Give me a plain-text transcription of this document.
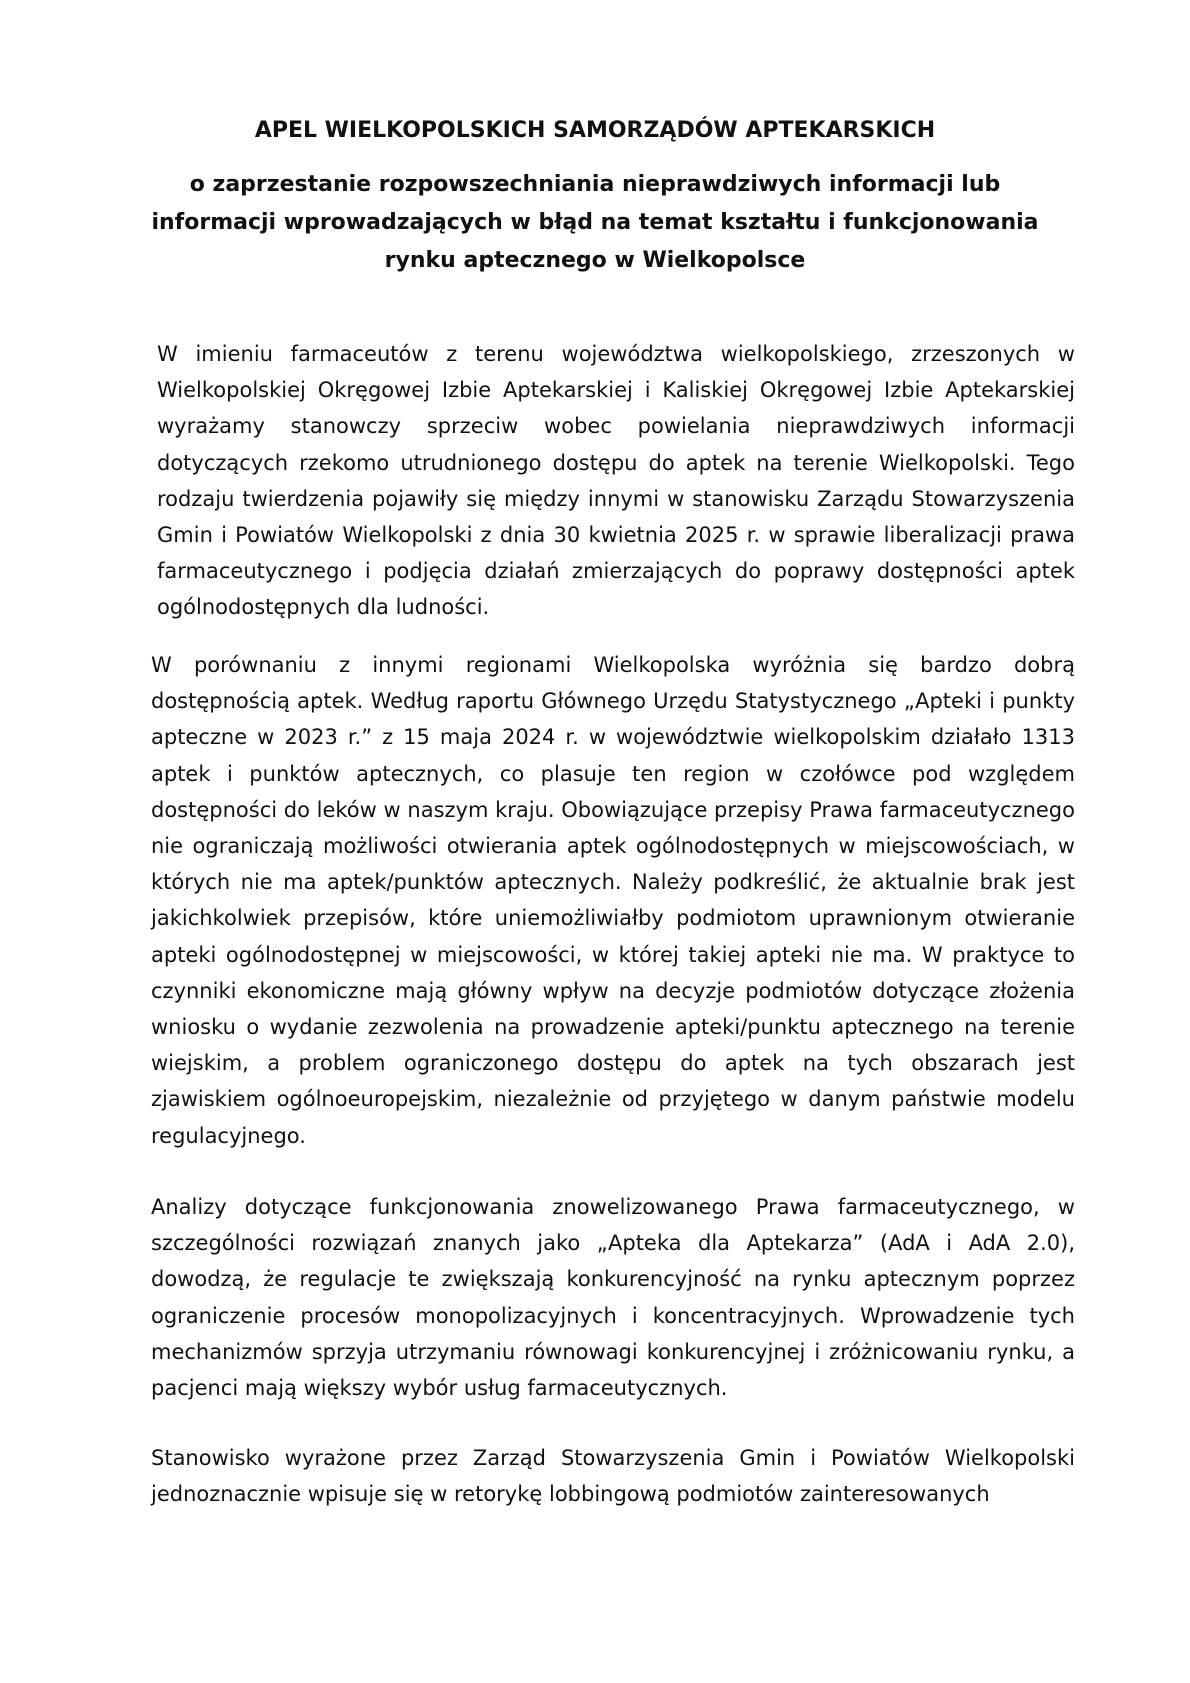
APEL WIELKOPOLSKICH SAMORZĄDÓW APTEKARSKICH
o zaprzestanie rozpowszechniania nieprawdziwych informacji lub informacji wprowadzających w błąd na temat kształtu i funkcjonowania rynku aptecznego w Wielkopolsce

W imieniu farmaceutów z terenu województwa wielkopolskiego, zrzeszonych w Wielkopolskiej Okręgowej Izbie Aptekarskiej i Kaliskiej Okręgowej Izbie Aptekarskiej wyrażamy stanowczy sprzeciw wobec powielania nieprawdziwych informacji dotyczących rzekomo utrudnionego dostępu do aptek na terenie Wielkopolski. Tego rodzaju twierdzenia pojawiły się między innymi w stanowisku Zarządu Stowarzyszenia Gmin i Powiatów Wielkopolski z dnia 30 kwietnia 2025 r. w sprawie liberalizacji prawa farmaceutycznego i podjęcia działań zmierzających do poprawy dostępności aptek ogólnodostępnych dla ludności.

W porównaniu z innymi regionami Wielkopolska wyróżnia się bardzo dobrą dostępnością aptek. Według raportu Głównego Urzędu Statystycznego „Apteki i punkty apteczne w 2023 r.” z 15 maja 2024 r. w województwie wielkopolskim działało 1313 aptek i punktów aptecznych, co plasuje ten region w czołówce pod względem dostępności do leków w naszym kraju. Obowiązujące przepisy Prawa farmaceutycznego nie ograniczają możliwości otwierania aptek ogólnodostępnych w miejscowościach, w których nie ma aptek/punktów aptecznych. Należy podkreślić, że aktualnie brak jest jakichkolwiek przepisów, które uniemożliwiałby podmiotom uprawnionym otwieranie apteki ogólnodostępnej w miejscowości, w której takiej apteki nie ma. W praktyce to czynniki ekonomiczne mają główny wpływ na decyzje podmiotów dotyczące złożenia wniosku o wydanie zezwolenia na prowadzenie apteki/punktu aptecznego na terenie wiejskim, a problem ograniczonego dostępu do aptek na tych obszarach jest zjawiskiem ogólnoeuropejskim, niezależnie od przyjętego w danym państwie modelu regulacyjnego.

Analizy dotyczące funkcjonowania znowelizowanego Prawa farmaceutycznego, w szczególności rozwiązań znanych jako „Apteka dla Aptekarza” (AdA i AdA 2.0), dowodzą, że regulacje te zwiększają konkurencyjność na rynku aptecznym poprzez ograniczenie procesów monopolizacyjnych i koncentracyjnych. Wprowadzenie tych mechanizmów sprzyja utrzymaniu równowagi konkurencyjnej i zróżnicowaniu rynku, a pacjenci mają większy wybór usług farmaceutycznych.

Stanowisko wyrażone przez Zarząd Stowarzyszenia Gmin i Powiatów Wielkopolski jednoznacznie wpisuje się w retorykę lobbingową podmiotów zainteresowanych
